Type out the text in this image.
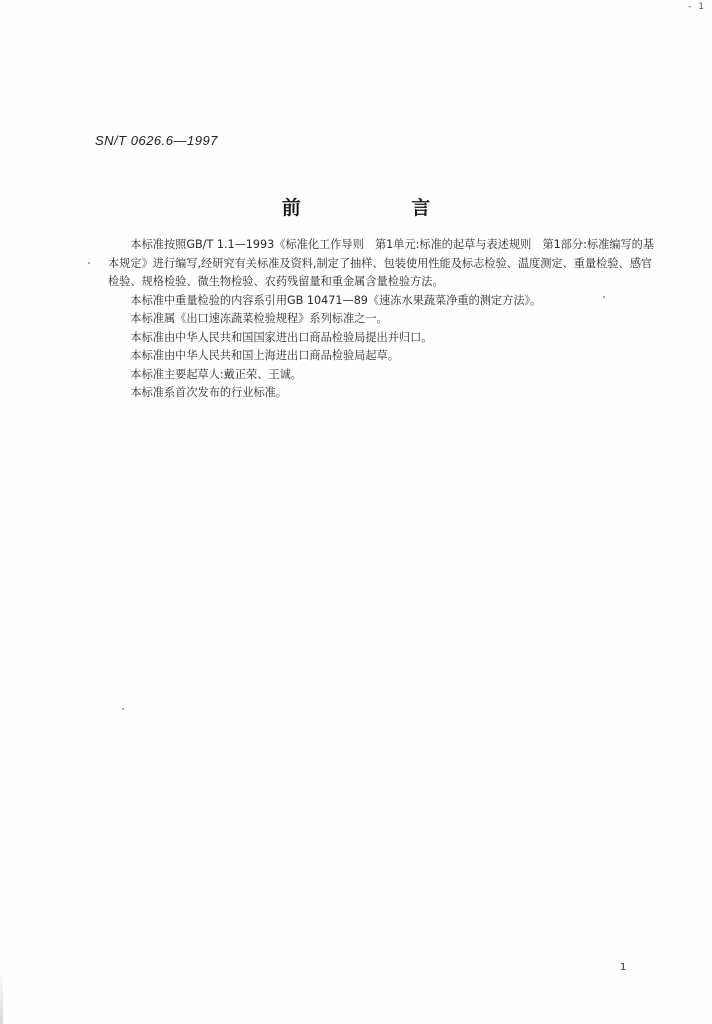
- 1
SN/T 0626.6—1997
前 言

本标准按照GB/T 1.1—1993《标准化工作导则　第1单元:标准的起草与表述规则　第1部分:标准编写的基本规定》进行编写,经研究有关标准及资料,制定了抽样、包装使用性能及标志检验、温度测定、重量检验、感官检验、规格检验、微生物检验、农药残留量和重金属含量检验方法。

本标准中重量检验的内容系引用GB 10471—89《速冻水果蔬菜净重的测定方法》。

本标准属《出口速冻蔬菜检验规程》系列标准之一。

本标准由中华人民共和国国家进出口商品检验局提出并归口。

本标准由中华人民共和国上海进出口商品检验局起草。

本标准主要起草人:戴正荣、王诚。

本标准系首次发布的行业标准。

1
